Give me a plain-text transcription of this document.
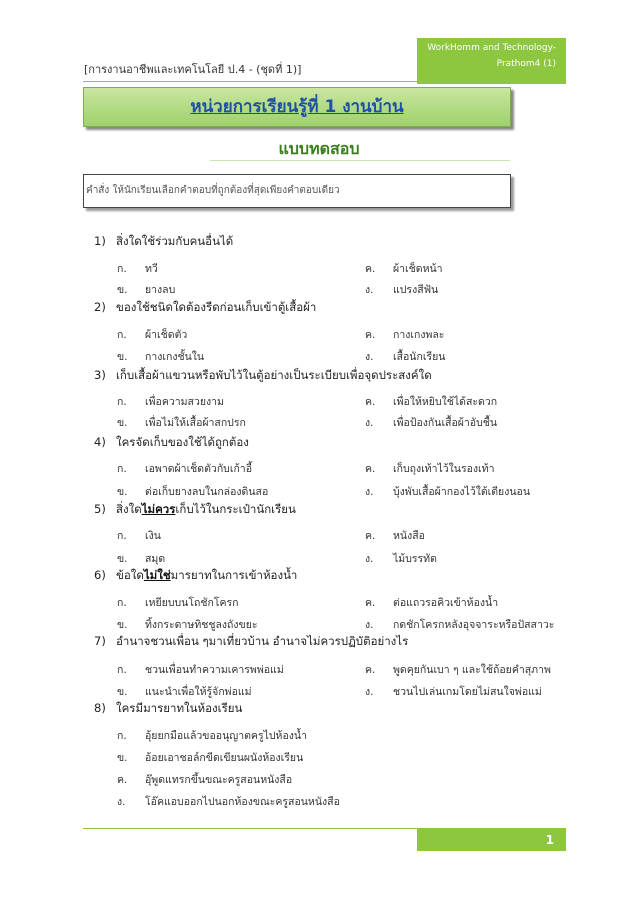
WorkHomm and Technology-
Prathom4 (1)
[การงานอาชีพและเทคโนโลยี ป.4 - (ชุดที่ 1)]
หน่วยการเรียนรู้ที่ 1 งานบ้าน
แบบทดสอบ
คำสั่ง ให้นักเรียนเลือกคำตอบที่ถูกต้องที่สุดเพียงคำตอบเดียว
1) สิ่งใดใช้ร่วมกับคนอื่นได้
ก. ทวี	ค. ผ้าเช็ดหน้า
ข. ยางลบ	ง. แปรงสีฟัน
2) ของใช้ชนิดใดต้องรีดก่อนเก็บเข้าตู้เสื้อผ้า
ก. ผ้าเช็ดตัว	ค. กางเกงพละ
ข. กางเกงชั้นใน	ง. เสื้อนักเรียน
3) เก็บเสื้อผ้าแขวนหรือพับไว้ในตู้อย่างเป็นระเบียบเพื่อจุดประสงค์ใด
ก. เพื่อความสวยงาม	ค. เพื่อให้หยิบใช้ได้สะดวก
ข. เพื่อไม่ให้เสื้อผ้าสกปรก	ง. เพื่อป้องกันเสื้อผ้าอับชื้น
4) ใครจัดเก็บของใช้ได้ถูกต้อง
ก. เอพาดผ้าเช็ดตัวกับเก้าอี้	ค. เก็บถุงเท้าไว้ในรองเท้า
ข. ต่อเก็บยางลบในกล่องดินสอ	ง. บุ้งพับเสื้อผ้ากองไว้ใต้เตียงนอน
5) สิ่งใดไม่ควรเก็บไว้ในกระเป๋านักเรียน
ก. เงิน	ค. หนังสือ
ข. สมุด	ง. ไม้บรรทัด
6) ข้อใดไม่ใช่มารยาทในการเข้าห้องน้ำ
ก. เหยียบบนโถชักโครก	ค. ต่อแถวรอคิวเข้าห้องน้ำ
ข. ทิ้งกระดาษทิชชูลงถังขยะ	ง. กดชักโครกหลังอุจจาระหรือปัสสาวะ
7) อำนาจชวนเพื่อน ๆมาเที่ยวบ้าน อำนาจไม่ควรปฏิบัติอย่างไร
ก. ชวนเพื่อนทำความเคารพพ่อแม่	ค. พูดคุยกันเบา ๆ และใช้ถ้อยคำสุภาพ
ข. แนะนำเพื่อให้รู้จักพ่อแม่	ง. ชวนไปเล่นเกมโดยไม่สนใจพ่อแม่
8) ใครมีมารยาทในห้องเรียน
ก. อุ้ยยกมือแล้วขออนุญาตครูไปห้องน้ำ
ข. อ้อยเอาชอล์กขีดเขียนผนังห้องเรียน
ค. อุ๊พูดแทรกขึ้นขณะครูสอนหนังสือ
ง. โอ๊คแอบออกไปนอกห้องขณะครูสอนหนังสือ
1
